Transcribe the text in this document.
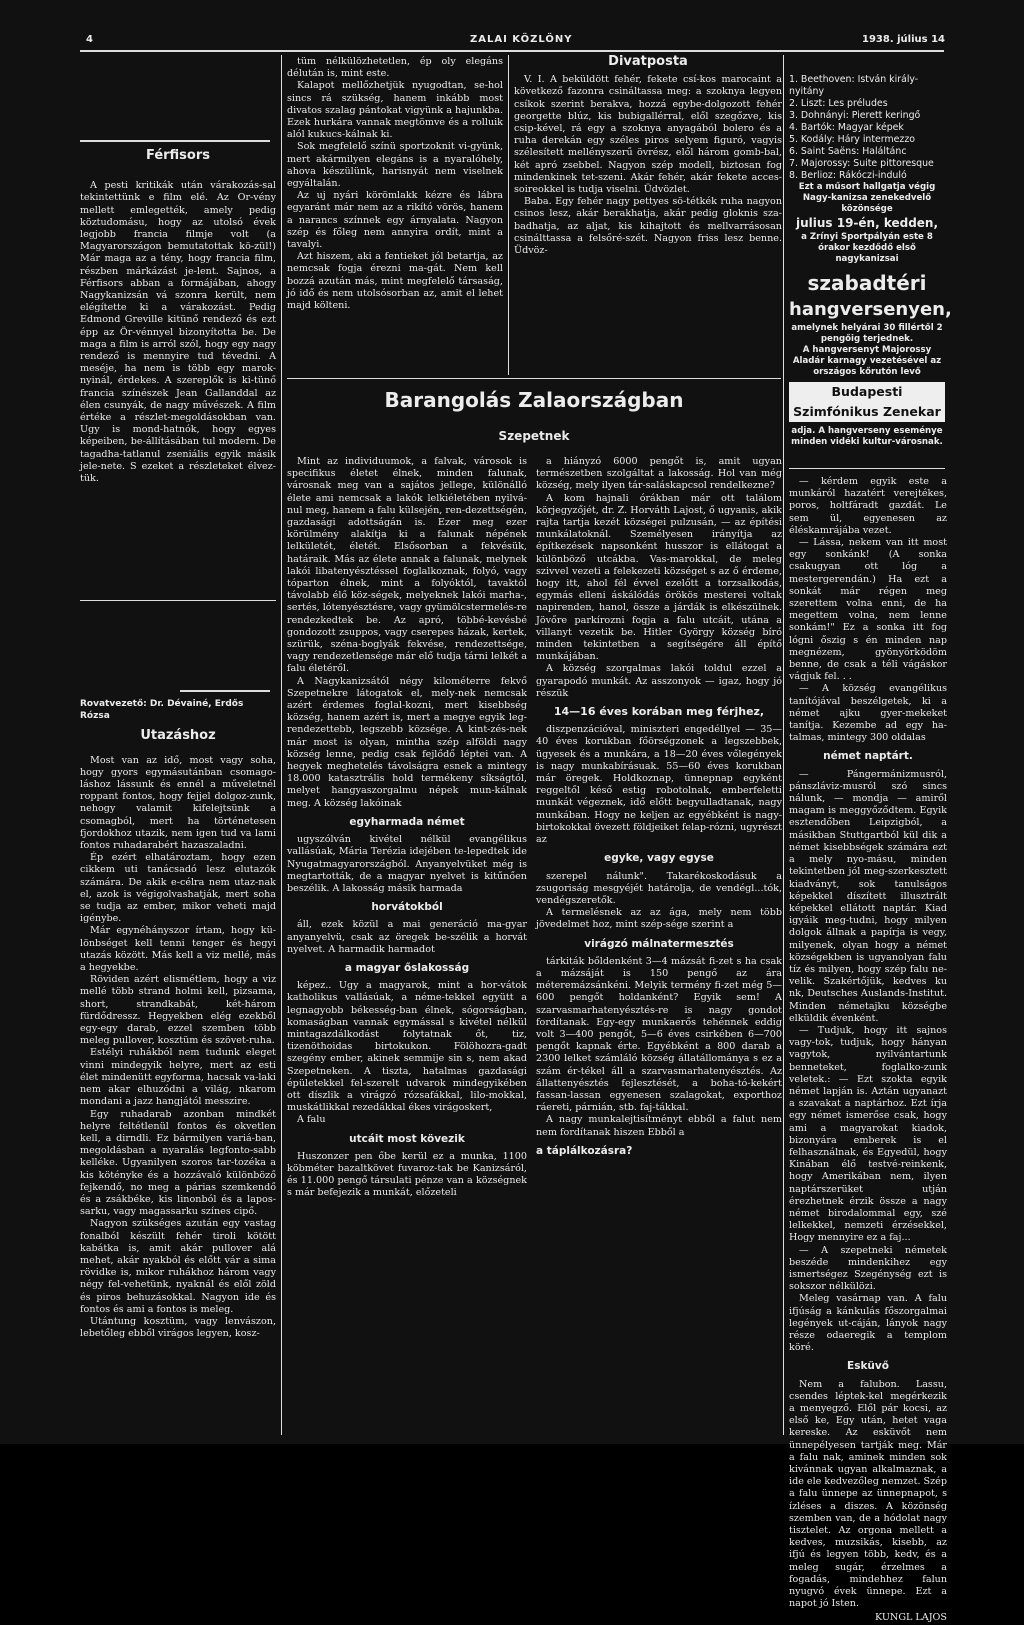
4	ZALAI KÖZLÖNY	1938. július 14
Férfisors

A pesti kritikák után várakozás-sal tekintettünk e film elé. Az Or-vény mellett emlegették, amely pedig köztudomásu, hogy az utolsó évek legjobb francia filmje volt (a Magyarországon bemutatottak kö-zül!) Már maga az a tény, hogy francia film, részben márkázást je-lent. Sajnos, a Férfisors abban a formájában, ahogy Nagykanizsán vá szonra került, nem elégítette ki a várakozást. Pedig Edmond Greville kitünő rendező és ezt épp az Ör-vénnyel bizonyította be. De maga a film is arról szól, hogy egy nagy rendező is mennyire tud tévedni. A meséje, ha nem is több egy marok-nyinál, érdekes. A szereplők is ki-tünő francia színészek Jean Gallanddal az élen csunyák, de nagy művészek. A film értéke a részlet-megoldásokban van. Ugy is mond-hatnók, hogy egyes képeiben, be-állításában tul modern. De tagadha-tatlanul zseniális egyik másik jele-nete. S ezeket a részleteket élvez-tük.

Rovatvezető: Dr. Dévainé, Erdős Rózsa
Utazáshoz

Most van az idő, most vagy soha, hogy gyors egymásutánban csomago-láshoz lássunk és ennél a műveletnél roppant fontos, hogy fejjel dolgoz-zunk, nehogy valamit kifelejtsünk a csomagból, mert ha történetesen fjordokhoz utazik, nem igen tud va lami fontos ruhadarabért hazaszaladni.

Ép ezért elhatároztam, hogy ezen cikkem uti tanácsadó lesz elutazók számára. De akik e-célra nem utaz-nak el, azok is végigolvashatják, mert soha se tudja az ember, mikor veheti majd igénybe.

Már egynéhányszor írtam, hogy kü-lönbséget kell tenni tenger és hegyi utazás között. Más kell a viz mellé, más a hegyekbe.

Röviden azért elismétlem, hogy a viz mellé több strand holmi kell, pizsama, short, strandkabát, két-három fürdődressz. Hegyekben elég ezekből egy-egy darab, ezzel szemben több meleg pullover, kosztüm és szövet-ruha.

Estélyi ruhákból nem tudunk eleget vinni mindegyik helyre, mert az esti élet mindenütt egyforma, hacsak va-laki nem akar elhuzódni a világ, nkarom mondani a jazz hangjától messzire.

Egy ruhadarab azonban mindkét helyre feltétlenül fontos és okvetlen kell, a dirndli. Ez bármilyen variá-ban, megoldásban a nyaralás legfonto-sabb kelléke. Ugyanilyen szoros tar-tozéka a kis kötényke és a hozzávaló különböző fejkendő, no meg a párias szemkendő és a zsákbéke, kis linonból és a lapos-sarku, vagy magassarku színes cipő.

Nagyon szükséges azután egy vastag fonalból készült fehér tiroli kötött kabátka is, amit akár pullover alá mehet, akár nyakból és előtt vár a sima rövidke is, mikor ruhákhoz három vagy négy fel-vehetünk, nyaknál és elől zöld és piros behuzásokkal. Nagyon ide és fontos és ami a fontos is meleg.

Utántung kosztüm, vagy lenvászon, lebetőleg ebből virágos legyen, kosz-

tüm nélkülözhetetlen, ép oly elegáns délután is, mint este.

Kalapot mellőzhetjük nyugodtan, se-hol sincs rá szükség, hanem inkább most divatos szalag pántokat vigyünk a hajunkba. Ezek hurkára vannak megtömve és a rolluik alól kukucs-kálnak ki.

Sok megfelelő színü sportzoknit vi-gyünk, mert akármilyen elegáns is a nyaralóhely, ahova készülünk, harisnyát nem viselnek egyáltalán.

Az uj nyári körömlakk kézre és lábra egyaránt már nem az a rikító vörös, hanem a narancs színnek egy árnyalata. Nagyon szép és főleg nem annyira ordít, mint a tavalyi.

Azt hiszem, aki a fentieket jól betartja, az nemcsak fogja érezni ma-gát. Nem kell bozzá azután más, mint megfelelő társaság, jó idő és nem utolsósorban az, amit el lehet majd költeni.

Divatposta

V. I. A beküldött fehér, fekete csí-kos marocaint a következő fazonra csináltassa meg: a szoknya legyen csíkok szerint berakva, hozzá egybe-dolgozott fehér georgette blúz, kis bubigallérral, elől szegőzve, kis csip-kével, rá egy a szoknya anyagából bolero és a ruha derekán egy széles piros selyem figuró, vagyis szélesített mellényszerű övrész, elől három gomb-bal, két apró zsebbel. Nagyon szép modell, biztosan fog mindenkinek tet-szeni. Akár fehér, akár fekete acces-soireokkel is tudja viselni. Üdvözlet.

Baba. Egy fehér nagy pettyes sö-tétkék ruha nagyon csinos lesz, akár berakhatja, akár pedig gloknis sza-badhatja, az aljat, kis kihajtott és mellvarrásosan csinálttassa a felsőré-szét. Nagyon friss lesz benne. Üdvöz-

Barangolás Zalaországban
Szepetnek

Mint az individuumok, a falvak, városok is specifikus életet élnek, minden falunak, városnak meg van a sajátos jellege, különálló élete ami nemcsak a lakók lelkiéletében nyilvá-nul meg, hanem a falu külsején, ren-dezettségén, gazdasági adottságán is. Ezer meg ezer körülmény alakítja ki a falunak népének lelkületét, életét. Elsősorban a fekvésük, határaik. Más az élete annak a falunak, melynek lakói libatenyésztéssel foglalkoznak, folyó, vagy tóparton élnek, mint a folyóktól, tavaktól távolabb élő köz-ségek, melyeknek lakói marha-, sertés, lótenyésztésre, vagy gyümölcstermelés-re rendezkedtek be. Az apró, többé-kevésbé gondozott zsuppos, vagy cserepes házak, kertek, szürük, széna-boglyák fekvése, rendezettsége, vagy rendezetlensége már elő tudja tárni lelkét a falu életéről.

A Nagykanizsától négy kilométerre fekvő Szepetnekre látogatok el, mely-nek nemcsak azért érdemes foglal-kozni, mert kisebbség község, hanem azért is, mert a megye egyik leg-rendezettebb, legszebb községe. A kint-zés-nek már most is olyan, mintha szép alföldi nagy község lenne, pedig csak fejlődő léptei van. A hegyek meghetelés távolságra esnek a mintegy 18.000 katasztrális hold termékeny síkságtól, melyet hangyaszorgalmu népek mun-kálnak meg. A község lakóinak

egyharmada német

ugyszólván kivétel nélkül evangélikus vallásúak, Mária Terézia idejében te-lepedtek ide Nyugatmagyarországból. Anyanyelvüket még is megtartották, de a magyar nyelvet is kitűnően beszélik. A lakosság másik harmada

horvátokból

áll, ezek közül a mai generáció ma-gyar anyanyelvü, csak az öregek be-szélik a horvát nyelvet. A harmadik harmadot

a magyar őslakosság

képez.. Ugy a magyarok, mint a hor-vátok katholikus vallásúak, a néme-tekkel együtt a legnagyobb békesség-ban élnek, sógorságban, komaságban vannak egymással s kivétel nélkül mintagazdálkodást folytatnak őt, tiz, tizenöthoidas birtokukon. Fölöhozra-gadt szegény ember, akinek semmije sin s, nem akad Szepetneken. A tiszta, hatalmas gazdasági épületekkel fel-szerelt udvarok mindegyikében ott díszlik a virágzó rózsafákkal, lilo-mokkal, muskátlikkal rezedákkal ékes virágoskert,

A falu

utcáit most kövezik

Huszonzer pen őbe kerül ez a munka, 1100 köbméter bazaltkövet fuvaroz-tak be Kanizsáról, és 11.000 pengő társulati pénze van a községnek s már befejezik a munkát, előzeteli

a hiányzó 6000 pengőt is, amit ugyan természetben szolgáltat a lakosság. Hol van még község, mely ilyen tár-saláskapcsol rendelkezne?

A kom hajnali órákban már ott találom körjegyzőjét, dr. Z. Horváth Lajost, ő ugyanis, akik rajta tartja kezét községei pulzusán, — az építési munkálatoknál. Személyesen irányítja az építkezések napsonként husszor is ellátogat a különböző utcákba. Vas-marokkal, de meleg szivvel vezeti a felekezeti községet s az ő érdeme, hogy itt, ahol fél évvel ezelőtt a torzsalkodás, egymás elleni áskálódás örökös mesterei voltak napirenden, hanol, össze a járdák is elkészülnek. Jövőre parkírozni fogja a falu utcáit, utána a villanyt vezetik be. Hitler György község bíró minden tekintetben a segítségére áll építő munkájában.

A község szorgalmas lakói toldul ezzel a gyarapodó munkát. Az asszonyok — igaz, hogy jó részük

14—16 éves korában meg férjhez,

diszpenzációval, miniszteri engedéllyel — 35—40 éves korukban főörségzonek a legszebbek, ügyesek és a munkára, a 18—20 éves vőlegények is nagy munkabírásuak. 55—60 éves korukban már öregek. Holdkoznap, ünnepnap egyként reggeltől késő estig robotolnak, emberfeletti munkát végeznek, idő előtt begyulladtanak, nagy munkában. Hogy ne keljen az egyébként is nagy-birtokokkal övezett földjeiket felap-rózni, ugyrészt az

egyke, vagy egyse

szerepel nálunk". Takarékoskodásuk a zsugoriság mesgyéjét határolja, de vendégl...tók, vendégszeretők.

A termelésnek az az ága, mely nem több jövedelmet hoz, mint szép-sége szerint a

virágzó málnatermesztés

tárkiták bőldenként 3—4 mázsát fi-zet s ha csak a mázsáját is 150 pengő az ára méteremázsánkéni. Melyik termény fi-zet még 5—600 pengőt holdanként? Egyik sem! A szarvasmarhatenyésztés-re is nagy gondot fordítanak. Egy-egy munkaerős tehénnek eddig volt 3—400 pengőt, 5—6 éves csirkében 6—700 pengőt kapnak érte. Egyébként a 800 darab a 2300 lelket számláló község állatállománya s ez a szám ér-tékel áll a szarvasmarhatenyésztés. Az állattenyésztés fejlesztését, a boha-tó-kekért fassan-lassan egyenesen szalagokat, exporthoz ráereti, párnián, stb. faj-tákkal.

A nagy munkalejtisítményt ebből a falut nem nem fordítanak hiszen Ebből a

a táplálkozásra?
1. Beethoven: István király-nyitány
2. Liszt: Les préludes
3. Dohnányi: Pierett keringő
4. Bartók: Magyar képek
5. Kodály: Háry intermezzo
6. Saint Saëns: Haláltánc
7. Majorossy: Suite pittoresque
8. Berlioz: Rákóczi-induló

Ezt a műsort hallgatja végig Nagy-kanizsa zenekedvelő közönsége

julius 19-én, kedden,

a Zrínyi Sportpályán este 8 órakor kezdődő első nagykanizsai

szabadtéri

hangversenyen,

amelynek helyárai 30 fillértől 2 pengőig terjednek.

A hangversenyt Majorossy Aladár karnagy vezetésével az országos kőrutón levő

Budapesti Szimfónikus Zenekar

adja. A hangverseny eseménye minden vidéki kultur-városnak.

— kérdem egyik este a munkáról hazatért verejtékes, poros, holtfáradt gazdát. Le sem ül, egyenesen az éléskamrájába vezet.

— Lássa, nekem van itt most egy sonkánk! (A sonka csakugyan ott lóg a mestergerendán.) Ha ezt a sonkát már régen meg szerettem volna enni, de ha megettem volna, nem lenne sonkám!" Ez a sonka itt fog lógni őszig s én minden nap megnézem, gyönyörködöm benne, de csak a téli vágáskor vágjuk fel. . .

— A község evangélikus tanítójával beszélgetek, ki a német ajku gyer-mekeket tanítja. Kezembe ad egy ha-talmas, mintegy 300 oldalas

német naptárt.

— Pángermánizmusról, pánszláviz-musról szó sincs nálunk, — mondja — amiről magam is meggyőződtem. Egyik esztendőben Leipzigból, a másikban Stuttgartból kül dik a német kisebbségek számára ezt a mely nyo-másu, minden tekintetben jól meg-szerkesztett kiadványt, sok tanulságos képekkel díszített illusztrált képekkel ellátott naptár. Kiad igyáik meg-tudni, hogy milyen dolgok állnak a papírja is vegy, milyenek, olyan hogy a német községekben is ugyanolyan falu tíz és milyen, hogy szép falu ne-velik. Szakértőjük, kedves ku nk, Deutsches Auslands-Institut. Minden németajku községbe elküldik évenként.

— Tudjuk, hogy itt sajnos vagy-tok, tudjuk, hogy hányan vagytok, nyilvántartunk benneteket, foglalko-zunk veletek.: — Ezt szokta egyik német lapján is. Aztán ugyanazt a szavakat a naptárhoz. Ezt írja egy német ismerőse csak, hogy ami a magyarokat kiadok, bizonyára emberek is el felhasználnak, és Egyedül, hogy Kinában élő testvé-reinkenk, hogy Amerikában nem, ilyen naptárszerüket utján érezhetnek érzik össze a nagy német birodalommal egy, szé lelkekkel, nemzeti érzésekkel, Hogy mennyire ez a faj...

— A szepetneki németek beszéde mindenkihez egy ismertségez Szegénység ezt is sokszor nélkülözi.

Meleg vasárnap van. A falu ifjúság a kánkulás főszorgalmai legények ut-cáján, lányok nagy része odaeregik a templom köré.

Esküvő

Nem a falubon. Lassu, csendes léptek-kel megérkezik a menyegző. Elől pár kocsi, az első ke, Egy után, hetet vaga kereske. Az esküvőt nem ünnepélyesen tartják meg. Már a falu nak, aminek minden sok kivánnak ugyan alkalmaznak, a ide ele kedvezőleg nemzet. Szép a falu ünnepe az ünnepnapot, s ízléses a diszes. A közönség szemben van, de a hódolat nagy tisztelet. Az orgona mellett a kedves, muzsikás, kisebb, az ifjú és legyen több, kedv, és a meleg sugár, érzelmes a fogadás, mindehhez falun nyugvó évek ünnepe. Ezt a napot jó Isten.

KUNGL LAJOS
